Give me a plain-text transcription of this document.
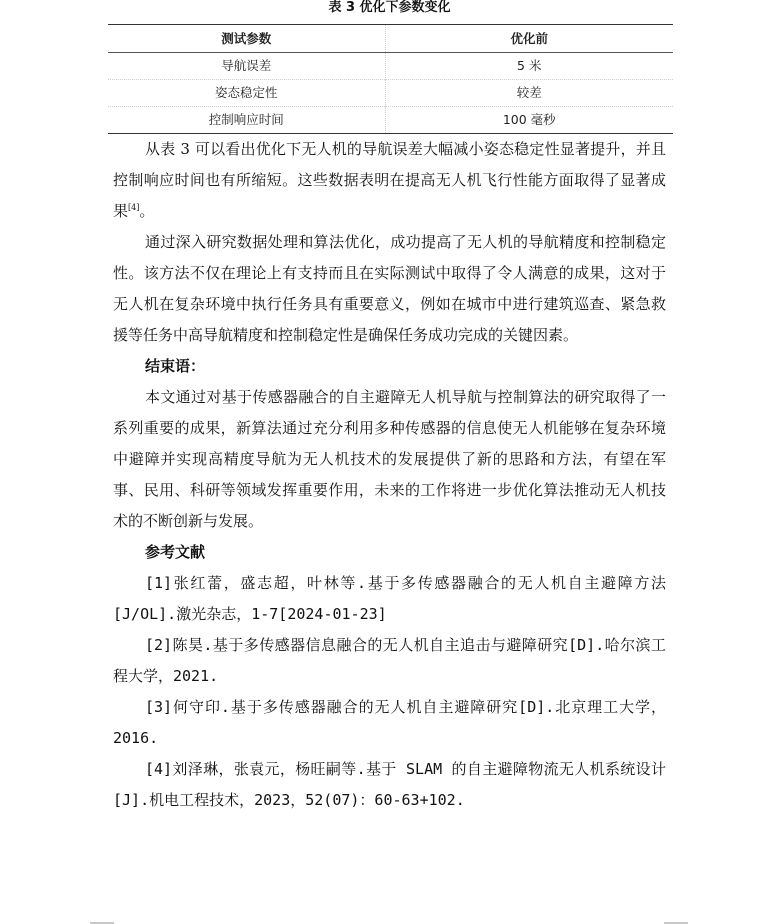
表 3 优化下参数变化
测试参数	优化前
导航误差	5 米
姿态稳定性	较差
控制响应时间	100 毫秒

从表 3 可以看出优化下无人机的导航误差大幅减小姿态稳定性显著提升，并且控制响应时间也有所缩短。这些数据表明在提高无人机飞行性能方面取得了显著成果[4]。

通过深入研究数据处理和算法优化，成功提高了无人机的导航精度和控制稳定性。该方法不仅在理论上有支持而且在实际测试中取得了令人满意的成果，这对于无人机在复杂环境中执行任务具有重要意义，例如在城市中进行建筑巡查、紧急救援等任务中高导航精度和控制稳定性是确保任务成功完成的关键因素。

结束语：

本文通过对基于传感器融合的自主避障无人机导航与控制算法的研究取得了一系列重要的成果，新算法通过充分利用多种传感器的信息使无人机能够在复杂环境中避障并实现高精度导航为无人机技术的发展提供了新的思路和方法，有望在军事、民用、科研等领域发挥重要作用，未来的工作将进一步优化算法推动无人机技术的不断创新与发展。

参考文献

[1]张红蕾，盛志超，叶林等.基于多传感器融合的无人机自主避障方法[J/OL].激光杂志，1-7[2024-01-23]

[2]陈昊.基于多传感器信息融合的无人机自主追击与避障研究[D].哈尔滨工程大学，2021.

[3]何守印.基于多传感器融合的无人机自主避障研究[D].北京理工大学，2016.

[4]刘泽琳，张袁元，杨旺嗣等.基于 SLAM 的自主避障物流无人机系统设计[J].机电工程技术，2023，52(07)：60-63+102.
